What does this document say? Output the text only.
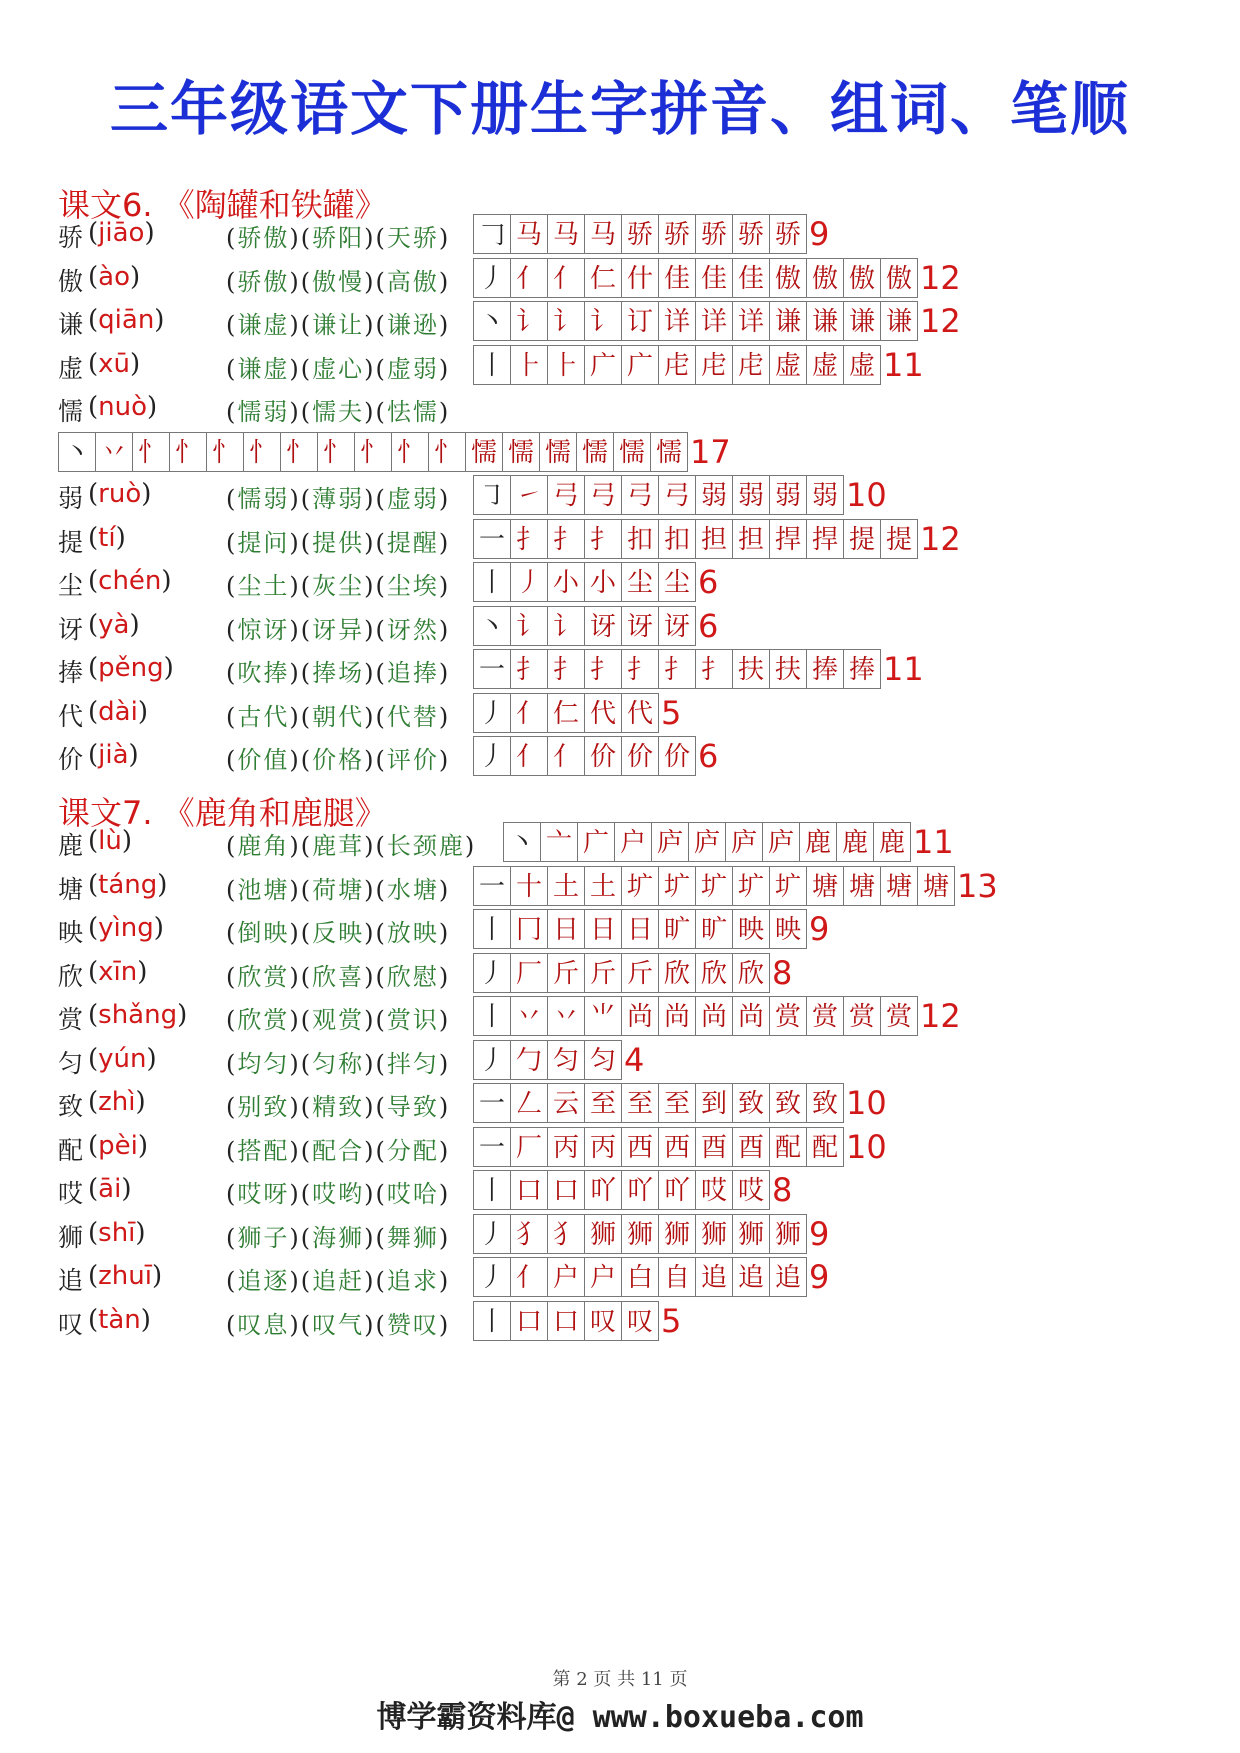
三年级语文下册生字拼音、组词、笔顺
课文6. 《陶罐和铁罐》
骄 (jiāo)	(骄傲)(骄阳)(天骄) 𠃌 马 马 马 骄 骄 骄 骄 骄 9
傲 (ào)	(骄傲)(傲慢)(高傲) 丿 亻 亻 仁 什 佳 佳 佳 傲 傲 傲 傲 12
谦 (qiān)	(谦虚)(谦让)(谦逊) 丶 讠 讠 讠 订 详 详 详 谦 谦 谦 谦 12
虚 (xū)	(谦虚)(虚心)(虚弱) 丨 ⺊ ⺊ 广 广 虍 虍 虍 虚 虚 虚 11
懦 (nuò)	(懦弱)(懦夫)(怯懦)
丶 丷 忄 忄 忄 忄 忄 忄 忄 忄 忄 懦 懦 懦 懦 懦 懦 17
弱 (ruò)	(懦弱)(薄弱)(虚弱) ㇆ ㇀ 弓 弓 弓 弓 弱 弱 弱 弱 10
提 (tí)	(提问)(提供)(提醒) 一 扌 扌 扌 扣 扣 担 担 捍 捍 提 提 12
尘 (chén) (尘土)(灰尘)(尘埃) 丨 丿 小 小 尘 尘 6
讶 (yà)	(惊讶)(讶异)(讶然) 丶 讠 讠 讶 讶 讶 6
捧 (pěng) (吹捧)(捧场)(追捧) 一 扌 扌 扌 扌 扌 扌 扶 扶 捧 捧 11
代 (dài)	(古代)(朝代)(代替) 丿 亻 仁 代 代 5
价 (jià)	(价值)(价格)(评价) 丿 亻 亻 价 价 价 6
课文7. 《鹿角和鹿腿》
鹿 (lù)	(鹿角)(鹿茸)(长颈鹿) 丶 亠 广 户 庐 庐 庐 庐 鹿 鹿 鹿 11
塘 (táng) (池塘)(荷塘)(水塘) 一 十 土 土 圹 圹 圹 圹 圹 塘 塘 塘 塘 13
映 (yìng)	(倒映)(反映)(放映) 丨 冂 日 日 日 旷 旷 映 映 9
欣 (xīn)	(欣赏)(欣喜)(欣慰) 丿 厂 斤 斤 斤 欣 欣 欣 8
赏 (shǎng) (欣赏)(观赏)(赏识) 丨 丷 丷 ⺌ 尚 尚 尚 尚 赏 赏 赏 赏 12
匀 (yún)	(均匀)(匀称)(拌匀) 丿 勹 匀 匀 4
致 (zhì)	(别致)(精致)(导致) 一 𠃋 云 至 至 至 到 致 致 致 10
配 (pèi)	(搭配)(配合)(分配) 一 厂 丙 丙 西 西 酉 酉 配 配 10
哎 (āi)	(哎呀)(哎哟)(哎哈) 丨 口 口 吖 吖 吖 哎 哎 8
狮 (shī)	(狮子)(海狮)(舞狮) 丿 犭 犭 狮 狮 狮 狮 狮 狮 9
追 (zhuī)	(追逐)(追赶)(追求) 丿 亻 户 户 白 自 追 追 追 9
叹 (tàn)	(叹息)(叹气)(赞叹) 丨 口 口 叹 叹 5
第 2 页 共 11 页
博学霸资料库@ www.boxueba.com
